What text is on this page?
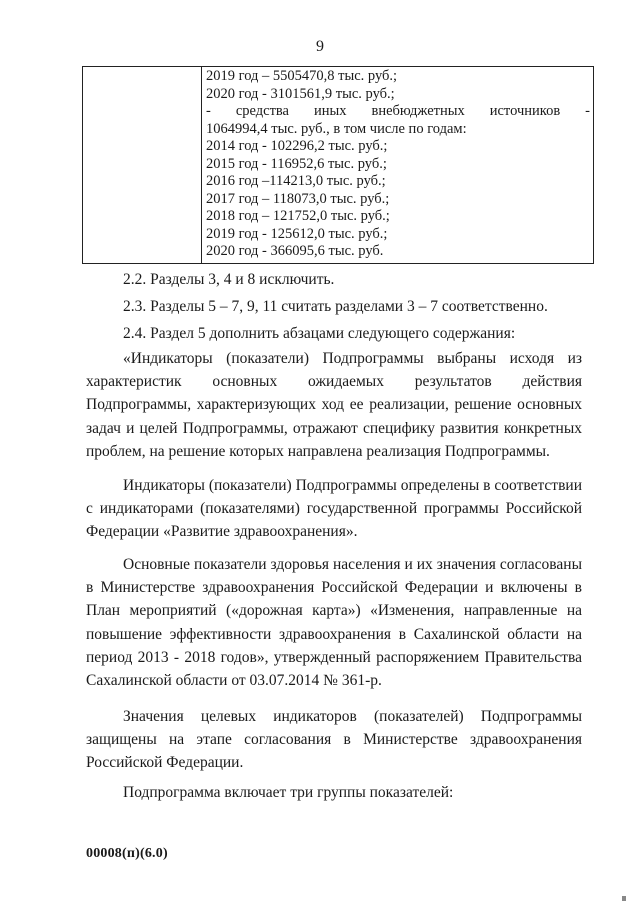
9

2019 год – 5505470,8 тыс. руб.;
2020 год - 3101561,9 тыс. руб.;
- средства иных внебюджетных источников -
1064994,4 тыс. руб., в том числе по годам:
2014 год - 102296,2 тыс. руб.;
2015 год - 116952,6 тыс. руб.;
2016 год –114213,0 тыс. руб.;
2017 год – 118073,0 тыс. руб.;
2018 год – 121752,0 тыс. руб.;
2019 год - 125612,0 тыс. руб.;
2020 год - 366095,6 тыс. руб.

2.2. Разделы 3, 4 и 8 исключить.

2.3. Разделы 5 – 7, 9, 11 считать разделами 3 – 7 соответственно.

2.4. Раздел 5 дополнить абзацами следующего содержания:

«Индикаторы (показатели) Подпрограммы выбраны исходя из характеристик основных ожидаемых результатов действия Подпрограммы, характеризующих ход ее реализации, решение основных задач и целей Подпрограммы, отражают специфику развития конкретных проблем, на решение которых направлена реализация Подпрограммы.

Индикаторы (показатели) Подпрограммы определены в соответствии с индикаторами (показателями) государственной программы Российской Федерации «Развитие здравоохранения».

Основные показатели здоровья населения и их значения согласованы в Министерстве здравоохранения Российской Федерации и включены в План мероприятий («дорожная карта») «Изменения, направленные на повышение эффективности здравоохранения в Сахалинской области на период 2013 - 2018 годов», утвержденный распоряжением Правительства Сахалинской области от 03.07.2014 № 361-р.

Значения целевых индикаторов (показателей) Подпрограммы защищены на этапе согласования в Министерстве здравоохранения Российской Федерации.

Подпрограмма включает три группы показателей:

00008(п)(6.0)
